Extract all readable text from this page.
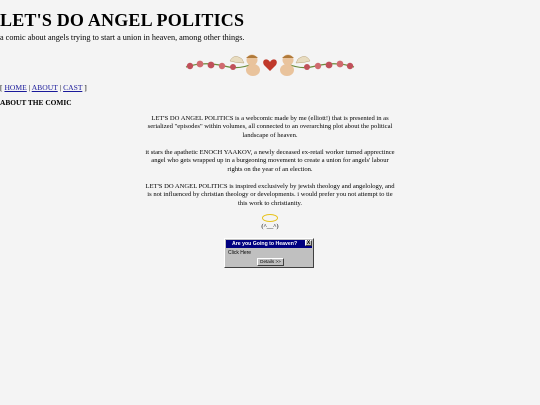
LET'S DO ANGEL POLITICS
a comic about angels trying to start a union in heaven, among other things.
[ HOME | ABOUT | CAST ]
ABOUT THE COMIC

LET'S DO ANGEL POLITICS is a webcomic made by me (elliott!) that is presented in as serialized "episodes" within volumes, all connected to an overarching plot about the political landscape of heaven.

it stars the apathetic ENOCH YAAKOV, a newly deceased ex-retail worker turned apprectince angel who gets wrapped up in a burgeoning movement to create a union for angels' labour rights on the year of an election.

LET'S DO ANGEL POLITICS is inspired exclusively by jewish theology and angelology, and is not influenced by christian theology or developments. i would prefer you not attempt to tie this work to christianity.

(^__^)
Are you Going to Heaven?	X
Click Here
Details >>
